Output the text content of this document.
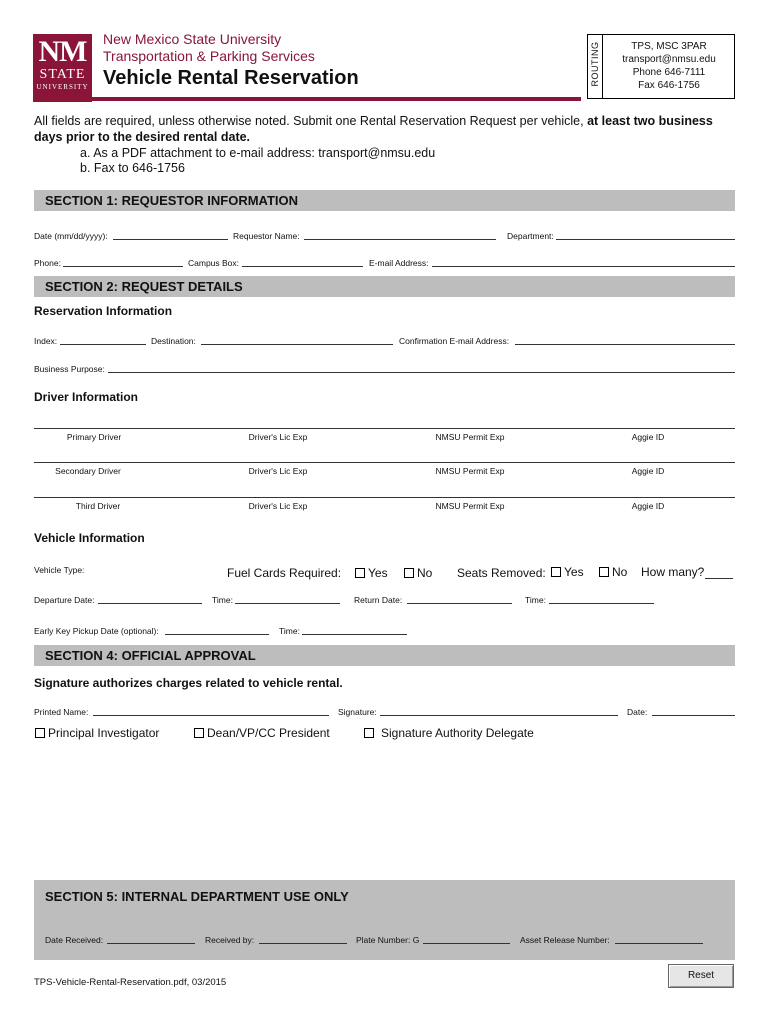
NM
STATE
UNIVERSITY
New Mexico State University
Transportation & Parking Services
Vehicle Rental Reservation	ROUTING	TPS, MSC 3PAR
transport@nmsu.edu
Phone 646-7111
Fax 646-1756
All fields are required, unless otherwise noted. Submit one Rental Reservation Request per vehicle, at least two business days prior to the desired rental date.
a. As a PDF attachment to e-mail address: transport@nmsu.edu
b. Fax to 646-1756
SECTION 1: REQUESTOR INFORMATION
Date (mm/dd/yyyy):	Requestor Name:	Department:
Phone:	Campus Box:	E-mail Address:
SECTION 2: REQUEST DETAILS
Reservation Information
Index:	Destination:	Confirmation E-mail Address:
Business Purpose:
Driver Information
Primary Driver	Driver's Lic Exp	NMSU Permit Exp	Aggie ID
Secondary Driver	Driver's Lic Exp	NMSU Permit Exp	Aggie ID
Third Driver	Driver's Lic Exp	NMSU Permit Exp	Aggie ID
Vehicle Information
Vehicle Type:	Fuel Cards Required:	Yes	No Seats Removed:	Yes	No How many?
Departure Date:	Time:	Return Date:	Time:
Early Key Pickup Date (optional):	Time:
SECTION 4: OFFICIAL APPROVAL
Signature authorizes charges related to vehicle rental.
Printed Name:	Signature:	Date:
Principal Investigator	Dean/VP/CC President	Signature Authority Delegate
SECTION 5: INTERNAL DEPARTMENT USE ONLY
Date Received:	Received by:	Plate Number: G	Asset Release Number:
TPS-Vehicle-Rental-Reservation.pdf, 03/2015
Reset
